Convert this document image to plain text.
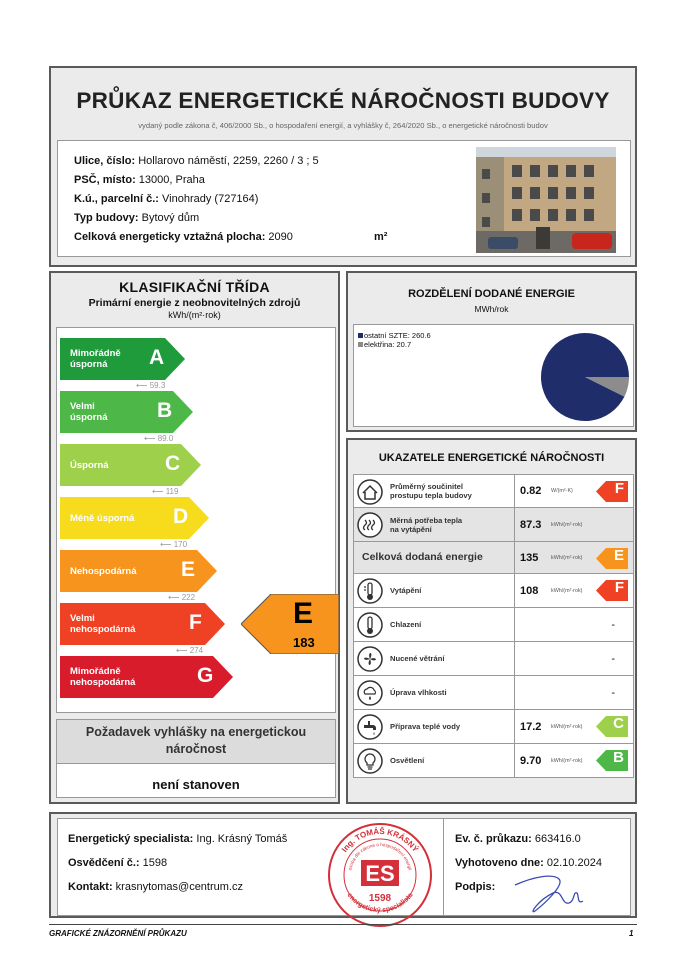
PRŮKAZ ENERGETICKÉ NÁROČNOSTI BUDOVY
vydaný podle zákona č, 406/2000 Sb., o hospodaření energií, a vyhlášky č, 264/2020 Sb., o energetické náročnosti budov
Ulice, číslo: Hollarovo náměstí, 2259, 2260 / 3 ; 5
PSČ, místo: 13000, Praha
K.ú., parcelní č.: Vinohrady (727164)
Typ budovy: Bytový dům
Celková energeticky vztažná plocha: 2090	m²
KLASIFIKAČNÍ TŘÍDA
Primární energie z neobnovitelných zdrojů
kWh/(m²·rok)
Mimořádně
úsporná	A
⟵ 59.3
Velmi
úsporná B
⟵ 89.0
Úsporná	C
⟵ 119
Méně úsporná D
⟵ 170
Nehospodárná E
⟵ 222
Velmi
nehospodárná	F
⟵ 274
Mimořádně
nehospodárná	G
E
183
Požadavek vyhlášky na energetickou náročnost
není stanoven
ROZDĚLENÍ DODANÉ ENERGIE
MWh/rok
ostatní SZTE: 260.6
elektřina: 20.7
UKAZATELE ENERGETICKÉ NÁROČNOSTI
Průměrný součinitel
prostupu tepla budovy	0.82 W/(m²·K)	F
Měrná potřeba tepla
na vytápění	87.3 kWh/(m²·rok)
Celková dodaná energie	135 kWh/(m²·rok) E
Vytápění	108 kWh/(m²·rok) F
Chlazení	-
Nucené větrání	-
Úprava vlhkosti	-
Příprava teplé vody	17.2 kWh/(m²·rok) C
Osvětlení	9.70 kWh/(m²·rok) B
Energetický specialista: Ing. Krásný Tomáš
Osvědčení č.: 1598
Kontakt: krasnytomas@centrum.cz
Ev. č. průkazu: 663416.0
Vyhotoveno dne: 02.10.2024
Podpis:
Ing. TOMÁŠ KRÁSNÝ
energetický specialista
osoba dle zákona o hospodaření energií
ES
1598
GRAFICKÉ ZNÁZORNĚNÍ PRŮKAZU	1
